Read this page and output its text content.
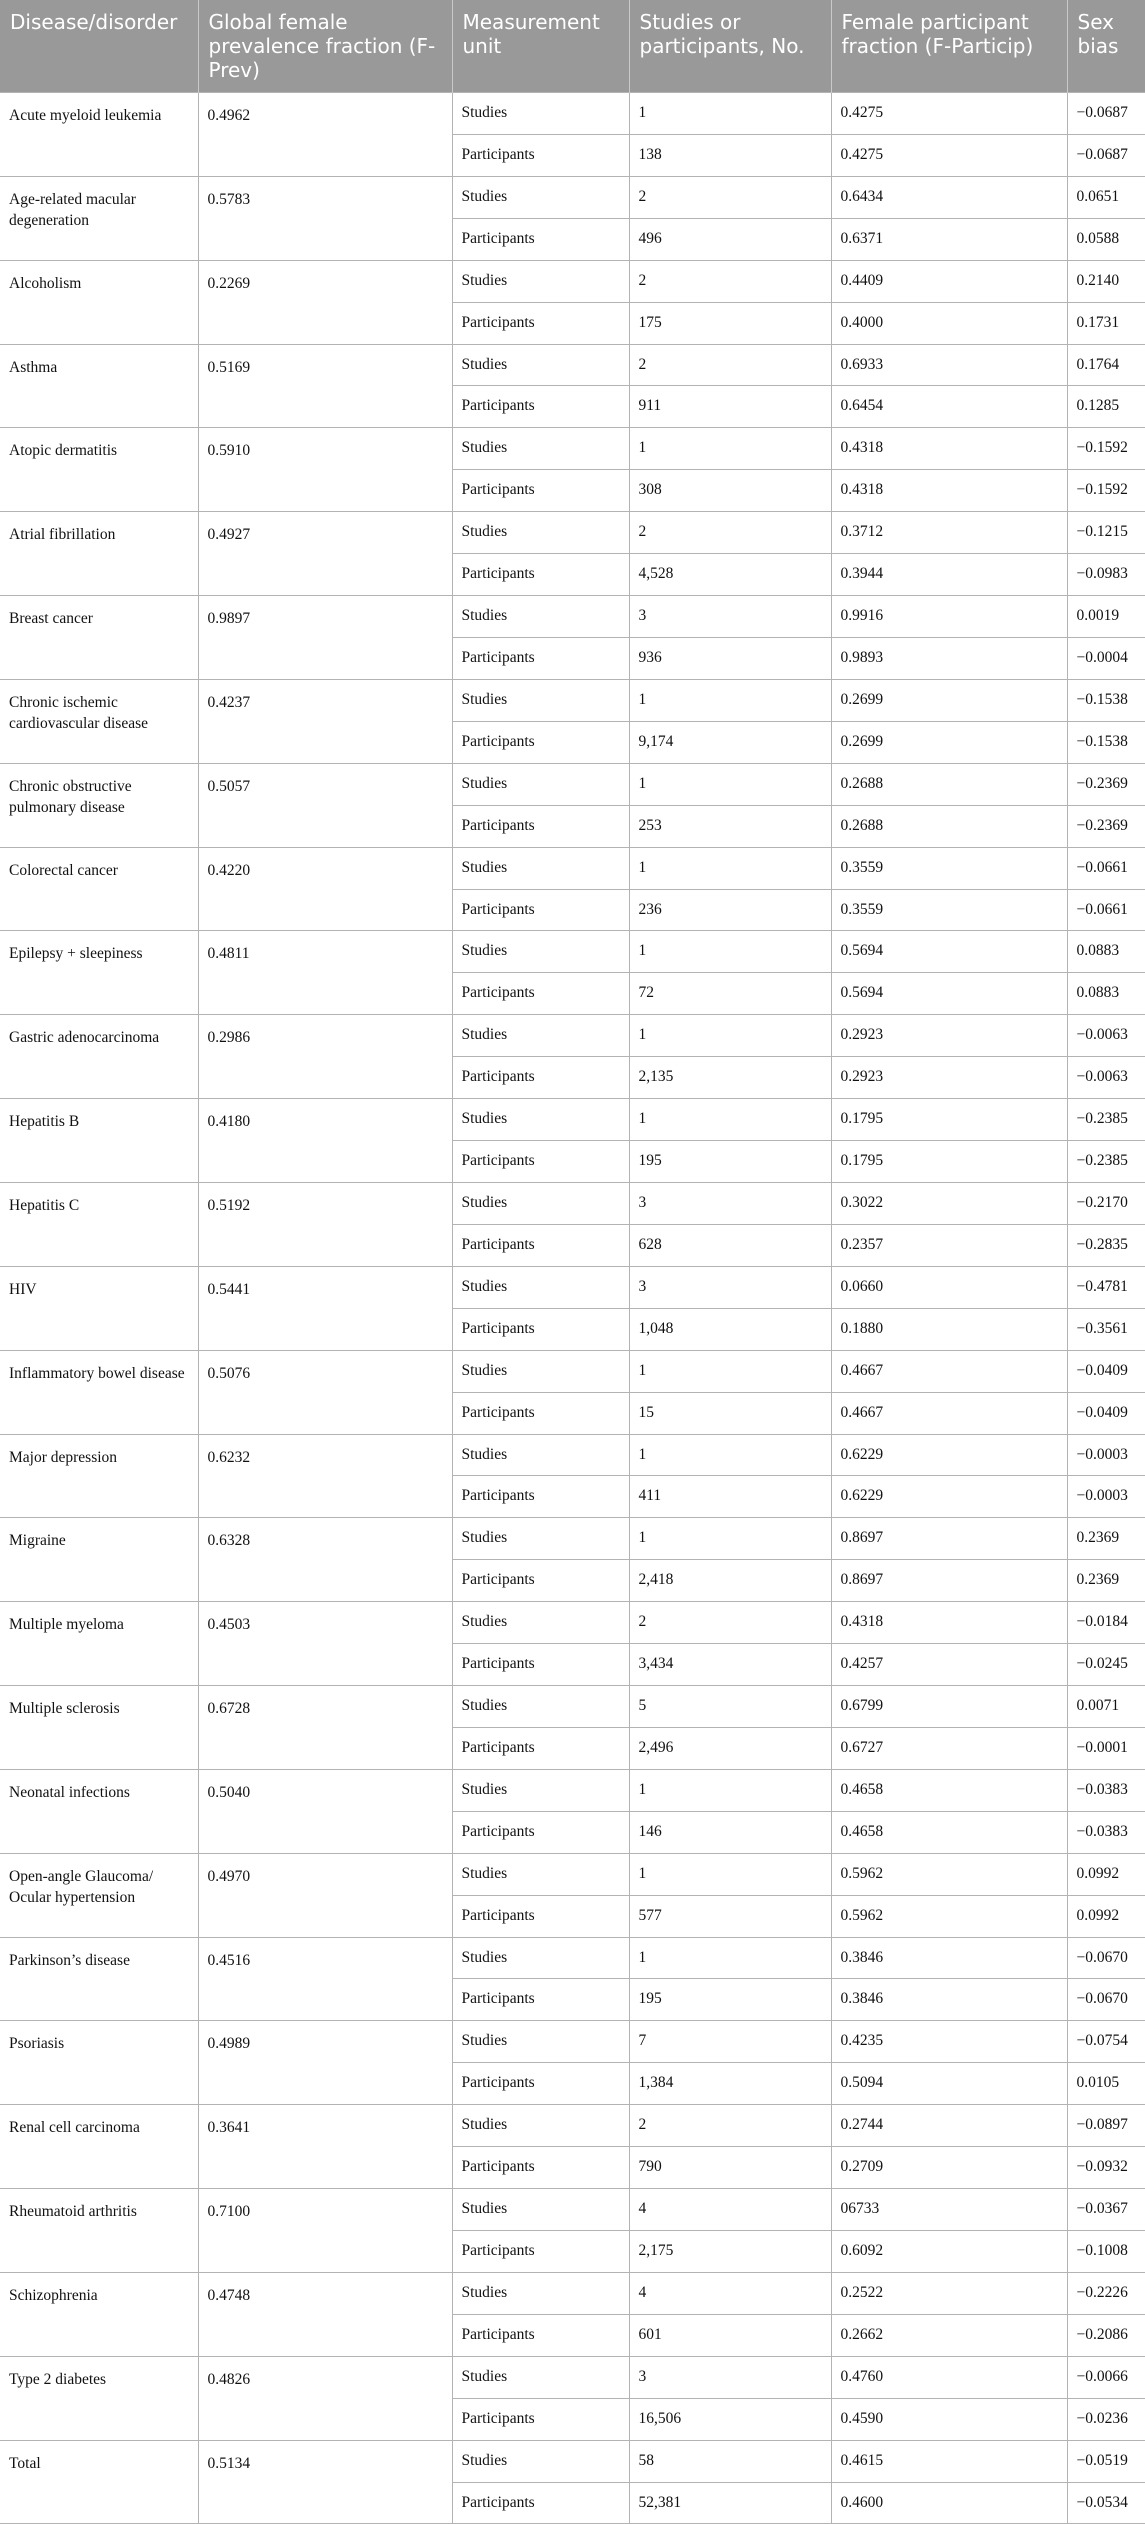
Disease/disorder	Global female prevalence fraction (F-Prev)	Measurement unit	Studies or participants, No.	Female participant fraction (F-Particip)	Sex bias
Acute myeloid leukemia	0.4962	Studies	1	0.4275	−0.0687
		Participants	138	0.4275	−0.0687
Age-related macular degeneration	0.5783	Studies	2	0.6434	0.0651
		Participants	496	0.6371	0.0588
Alcoholism	0.2269	Studies	2	0.4409	0.2140
		Participants	175	0.4000	0.1731
Asthma	0.5169	Studies	2	0.6933	0.1764
		Participants	911	0.6454	0.1285
Atopic dermatitis	0.5910	Studies	1	0.4318	−0.1592
		Participants	308	0.4318	−0.1592
Atrial fibrillation	0.4927	Studies	2	0.3712	−0.1215
		Participants	4,528	0.3944	−0.0983
Breast cancer	0.9897	Studies	3	0.9916	0.0019
		Participants	936	0.9893	−0.0004
Chronic ischemic cardiovascular disease	0.4237	Studies	1	0.2699	−0.1538
		Participants	9,174	0.2699	−0.1538
Chronic obstructive pulmonary disease	0.5057	Studies	1	0.2688	−0.2369
		Participants	253	0.2688	−0.2369
Colorectal cancer	0.4220	Studies	1	0.3559	−0.0661
		Participants	236	0.3559	−0.0661
Epilepsy + sleepiness	0.4811	Studies	1	0.5694	0.0883
		Participants	72	0.5694	0.0883
Gastric adenocarcinoma	0.2986	Studies	1	0.2923	−0.0063
		Participants	2,135	0.2923	−0.0063
Hepatitis B	0.4180	Studies	1	0.1795	−0.2385
		Participants	195	0.1795	−0.2385
Hepatitis C	0.5192	Studies	3	0.3022	−0.2170
		Participants	628	0.2357	−0.2835
HIV	0.5441	Studies	3	0.0660	−0.4781
		Participants	1,048	0.1880	−0.3561
Inflammatory bowel disease	0.5076	Studies	1	0.4667	−0.0409
		Participants	15	0.4667	−0.0409
Major depression	0.6232	Studies	1	0.6229	−0.0003
		Participants	411	0.6229	−0.0003
Migraine	0.6328	Studies	1	0.8697	0.2369
		Participants	2,418	0.8697	0.2369
Multiple myeloma	0.4503	Studies	2	0.4318	−0.0184
		Participants	3,434	0.4257	−0.0245
Multiple sclerosis	0.6728	Studies	5	0.6799	0.0071
		Participants	2,496	0.6727	−0.0001
Neonatal infections	0.5040	Studies	1	0.4658	−0.0383
		Participants	146	0.4658	−0.0383
Open-angle Glaucoma/ Ocular hypertension	0.4970	Studies	1	0.5962	0.0992
		Participants	577	0.5962	0.0992
Parkinson’s disease	0.4516	Studies	1	0.3846	−0.0670
		Participants	195	0.3846	−0.0670
Psoriasis	0.4989	Studies	7	0.4235	−0.0754
		Participants	1,384	0.5094	0.0105
Renal cell carcinoma	0.3641	Studies	2	0.2744	−0.0897
		Participants	790	0.2709	−0.0932
Rheumatoid arthritis	0.7100	Studies	4	06733	−0.0367
		Participants	2,175	0.6092	−0.1008
Schizophrenia	0.4748	Studies	4	0.2522	−0.2226
		Participants	601	0.2662	−0.2086
Type 2 diabetes	0.4826	Studies	3	0.4760	−0.0066
		Participants	16,506	0.4590	−0.0236
Total	0.5134	Studies	58	0.4615	−0.0519
		Participants	52,381	0.4600	−0.0534
